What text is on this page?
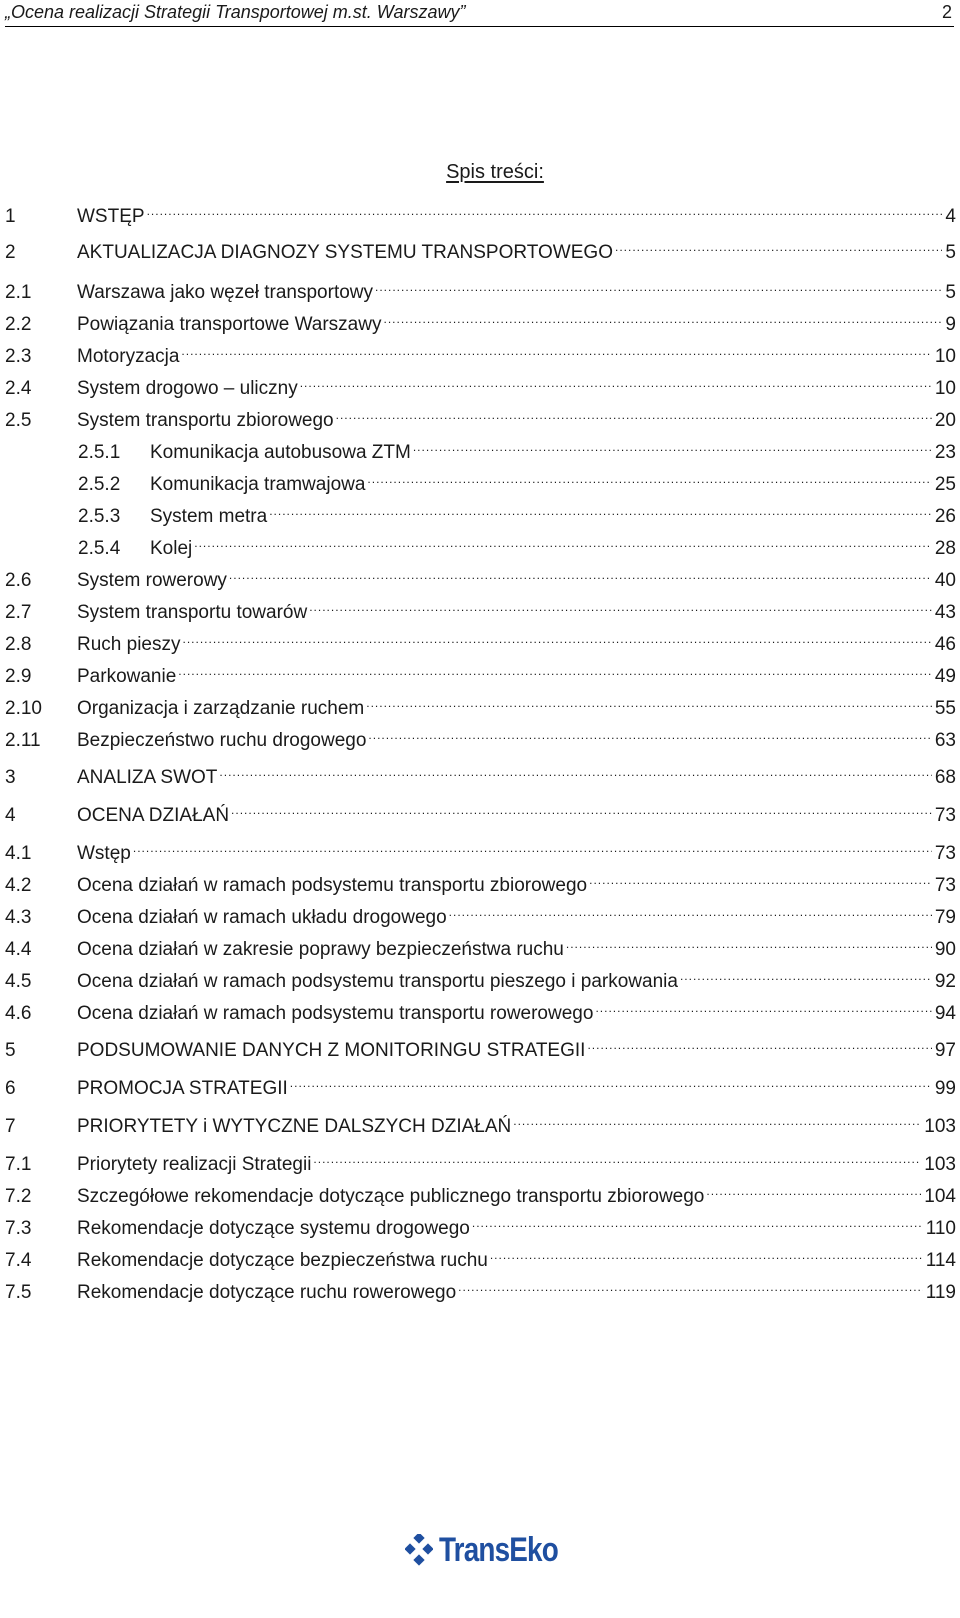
„Ocena realizacji Strategii Transportowej m.st. Warszawy”	2
Spis treści:
1	WSTĘP .....	4
2	AKTUALIZACJA DIAGNOZY SYSTEMU TRANSPORTOWEGO .....	5
2.1	Warszawa jako węzeł transportowy .....	5
2.2	Powiązania transportowe Warszawy .....	9
2.3	Motoryzacja .....	10
2.4	System drogowo – uliczny .....	10
2.5	System transportu zbiorowego .....	20
2.5.1	Komunikacja autobusowa ZTM .....	23
2.5.2	Komunikacja tramwajowa .....	25
2.5.3	System metra .....	26
2.5.4	Kolej .....	28
2.6	System rowerowy .....	40
2.7	System transportu towarów .....	43
2.8	Ruch pieszy .....	46
2.9	Parkowanie .....	49
2.10	Organizacja i zarządzanie ruchem .....	55
2.11	Bezpieczeństwo ruchu drogowego .....	63
3	ANALIZA SWOT .....	68
4	OCENA DZIAŁAŃ .....	73
4.1	Wstęp .....	73
4.2	Ocena działań w ramach podsystemu transportu zbiorowego .....	73
4.3	Ocena działań w ramach układu drogowego .....	79
4.4	Ocena działań w zakresie poprawy bezpieczeństwa ruchu .....	90
4.5	Ocena działań w ramach podsystemu transportu pieszego i parkowania .....	92
4.6	Ocena działań w ramach podsystemu transportu rowerowego .....	94
5	PODSUMOWANIE DANYCH Z MONITORINGU STRATEGII .....	97
6	PROMOCJA STRATEGII .....	99
7	PRIORYTETY i WYTYCZNE DALSZYCH DZIAŁAŃ .....	103
7.1	Priorytety realizacji Strategii .....	103
7.2	Szczegółowe rekomendacje dotyczące publicznego transportu zbiorowego .....	104
7.3	Rekomendacje dotyczące systemu drogowego .....	110
7.4	Rekomendacje dotyczące bezpieczeństwa ruchu .....	114
7.5	Rekomendacje dotyczące ruchu rowerowego .....	119
TransEko
